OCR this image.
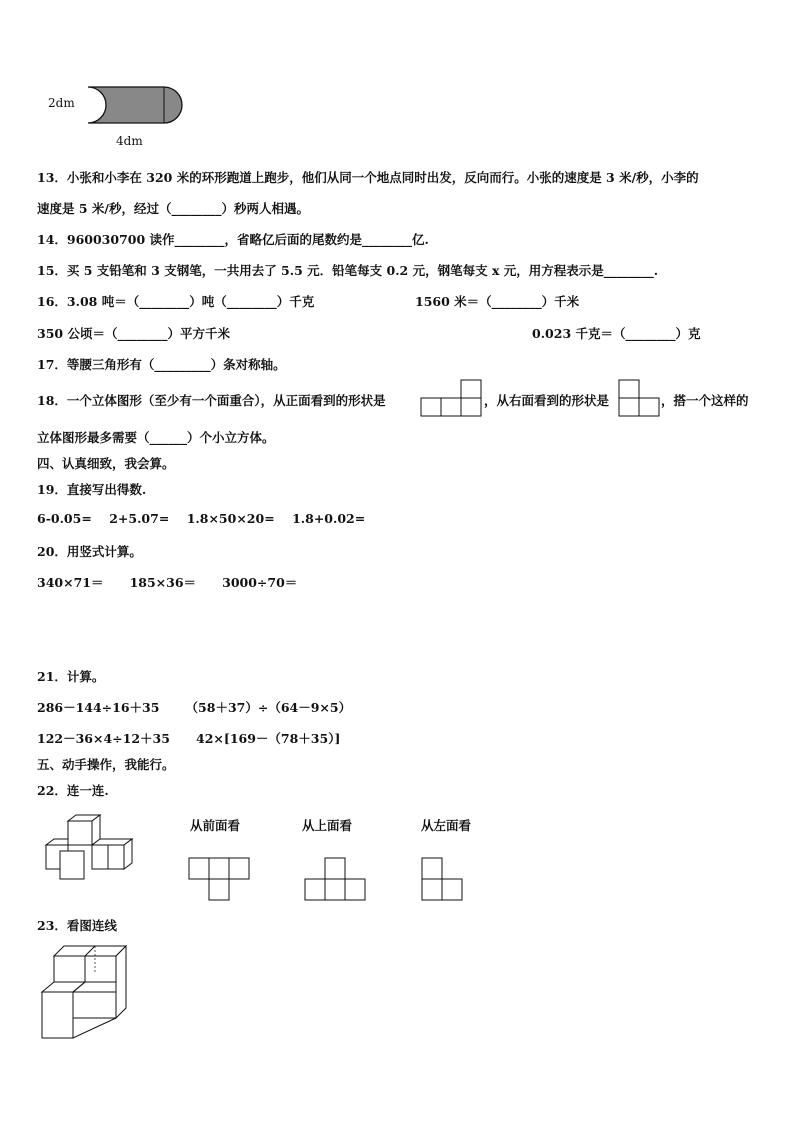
2dm
4dm
13．小张和小李在 320 米的环形跑道上跑步，他们从同一个地点同时出发，反向而行。小张的速度是 3 米/秒，小李的
速度是 5 米/秒，经过（________）秒两人相遇。
14．960030700 读作________，省略亿后面的尾数约是________亿.
15．买 5 支铅笔和 3 支钢笔，一共用去了 5.5 元．铅笔每支 0.2 元，钢笔每支 x 元，用方程表示是________.
16．3.08 吨＝（________）吨（________）千克	1560 米＝（________）千米
350 公顷＝（________）平方千米	0.023 千克＝（________）克
17．等腰三角形有（_________）条对称轴。
18．一个立体图形（至少有一个面重合），从正面看到的形状是	，从右面看到的形状是	，搭一个这样的
立体图形最多需要（______）个小立方体。
四、认真细致，我会算。
19．直接写出得数.
6-0.05=    2+5.07=    1.8×50×20=    1.8+0.02=
20．用竖式计算。
340×71＝      185×36＝      3000÷70＝
21．计算。
286－144÷16＋35      （58＋37）÷（64－9×5）
122－36×4÷12＋35      42×[169－（78＋35）]
五、动手操作，我能行。
22．连一连.
从前面看	从上面看	从左面看
23．看图连线
